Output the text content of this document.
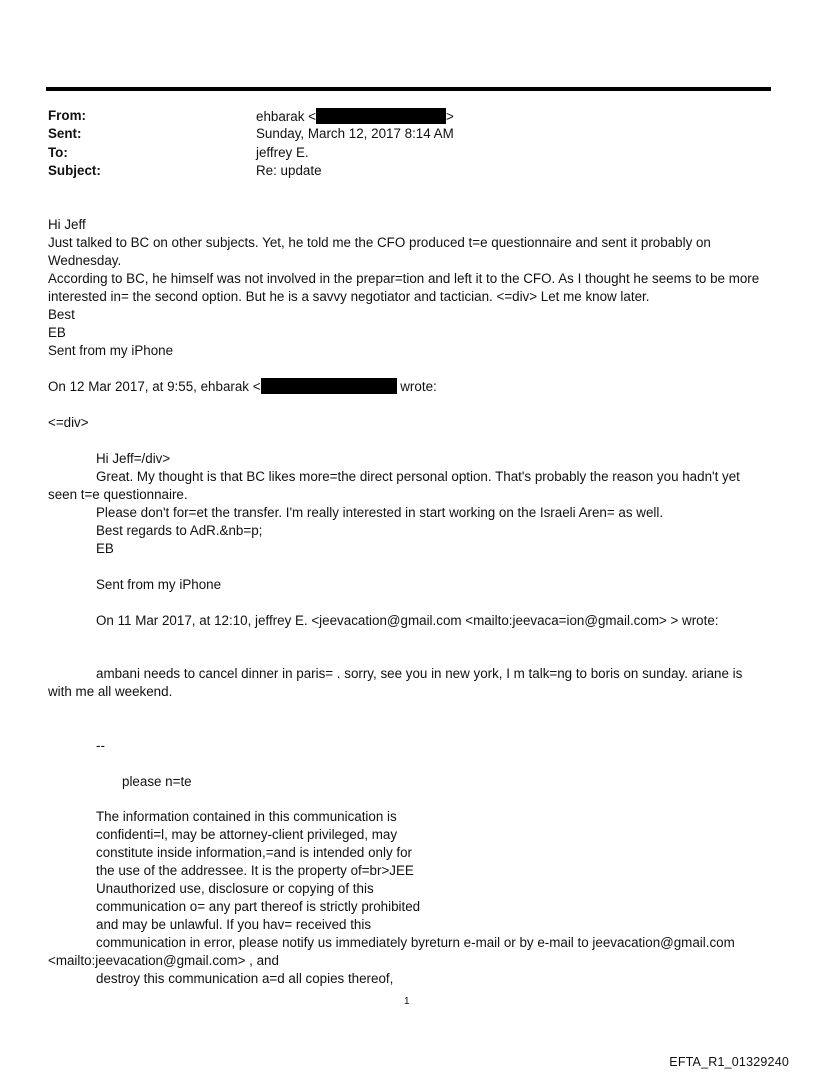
From:	ehbarak <	>
Sent:	Sunday, March 12, 2017 8:14 AM
To:	jeffrey E.
Subject:	Re: update
Hi Jeff
Just talked to BC on other subjects. Yet, he told me the CFO produced t=e questionnaire and sent it probably on
Wednesday.
According to BC, he himself was not involved in the prepar=tion and left it to the CFO. As I thought he seems to be more
interested in= the second option. But he is a savvy negotiator and tactician. <=div> Let me know later.
Best
EB
Sent from my iPhone
On 12 Mar 2017, at 9:55, ehbarak <	wrote:
<=div>
Hi Jeff=/div>
Great. My thought is that BC likes more=the direct personal option. That's probably the reason you hadn't yet
seen t=e questionnaire.
Please don't for=et the transfer. I'm really interested in start working on the Israeli Aren= as well.
Best regards to AdR.&nb=p;
EB
Sent from my iPhone
On 11 Mar 2017, at 12:10, jeffrey E. <jeevacation@gmail.com <mailto:jeevaca=ion@gmail.com> > wrote:
ambani needs to cancel dinner in paris= . sorry, see you in new york, I m talk=ng to boris on sunday. ariane is
with me all weekend.
--
please n=te
The information contained in this communication is
confidenti=l, may be attorney-client privileged, may
constitute inside information,=and is intended only for
the use of the addressee. It is the property of=br>JEE
Unauthorized use, disclosure or copying of this
communication o= any part thereof is strictly prohibited
and may be unlawful. If you hav= received this
communication in error, please notify us immediately byreturn e-mail or by e-mail to jeevacation@gmail.com
<mailto:jeevacation@gmail.com> , and
destroy this communication a=d all copies thereof,
1
EFTA_R1_01329240
